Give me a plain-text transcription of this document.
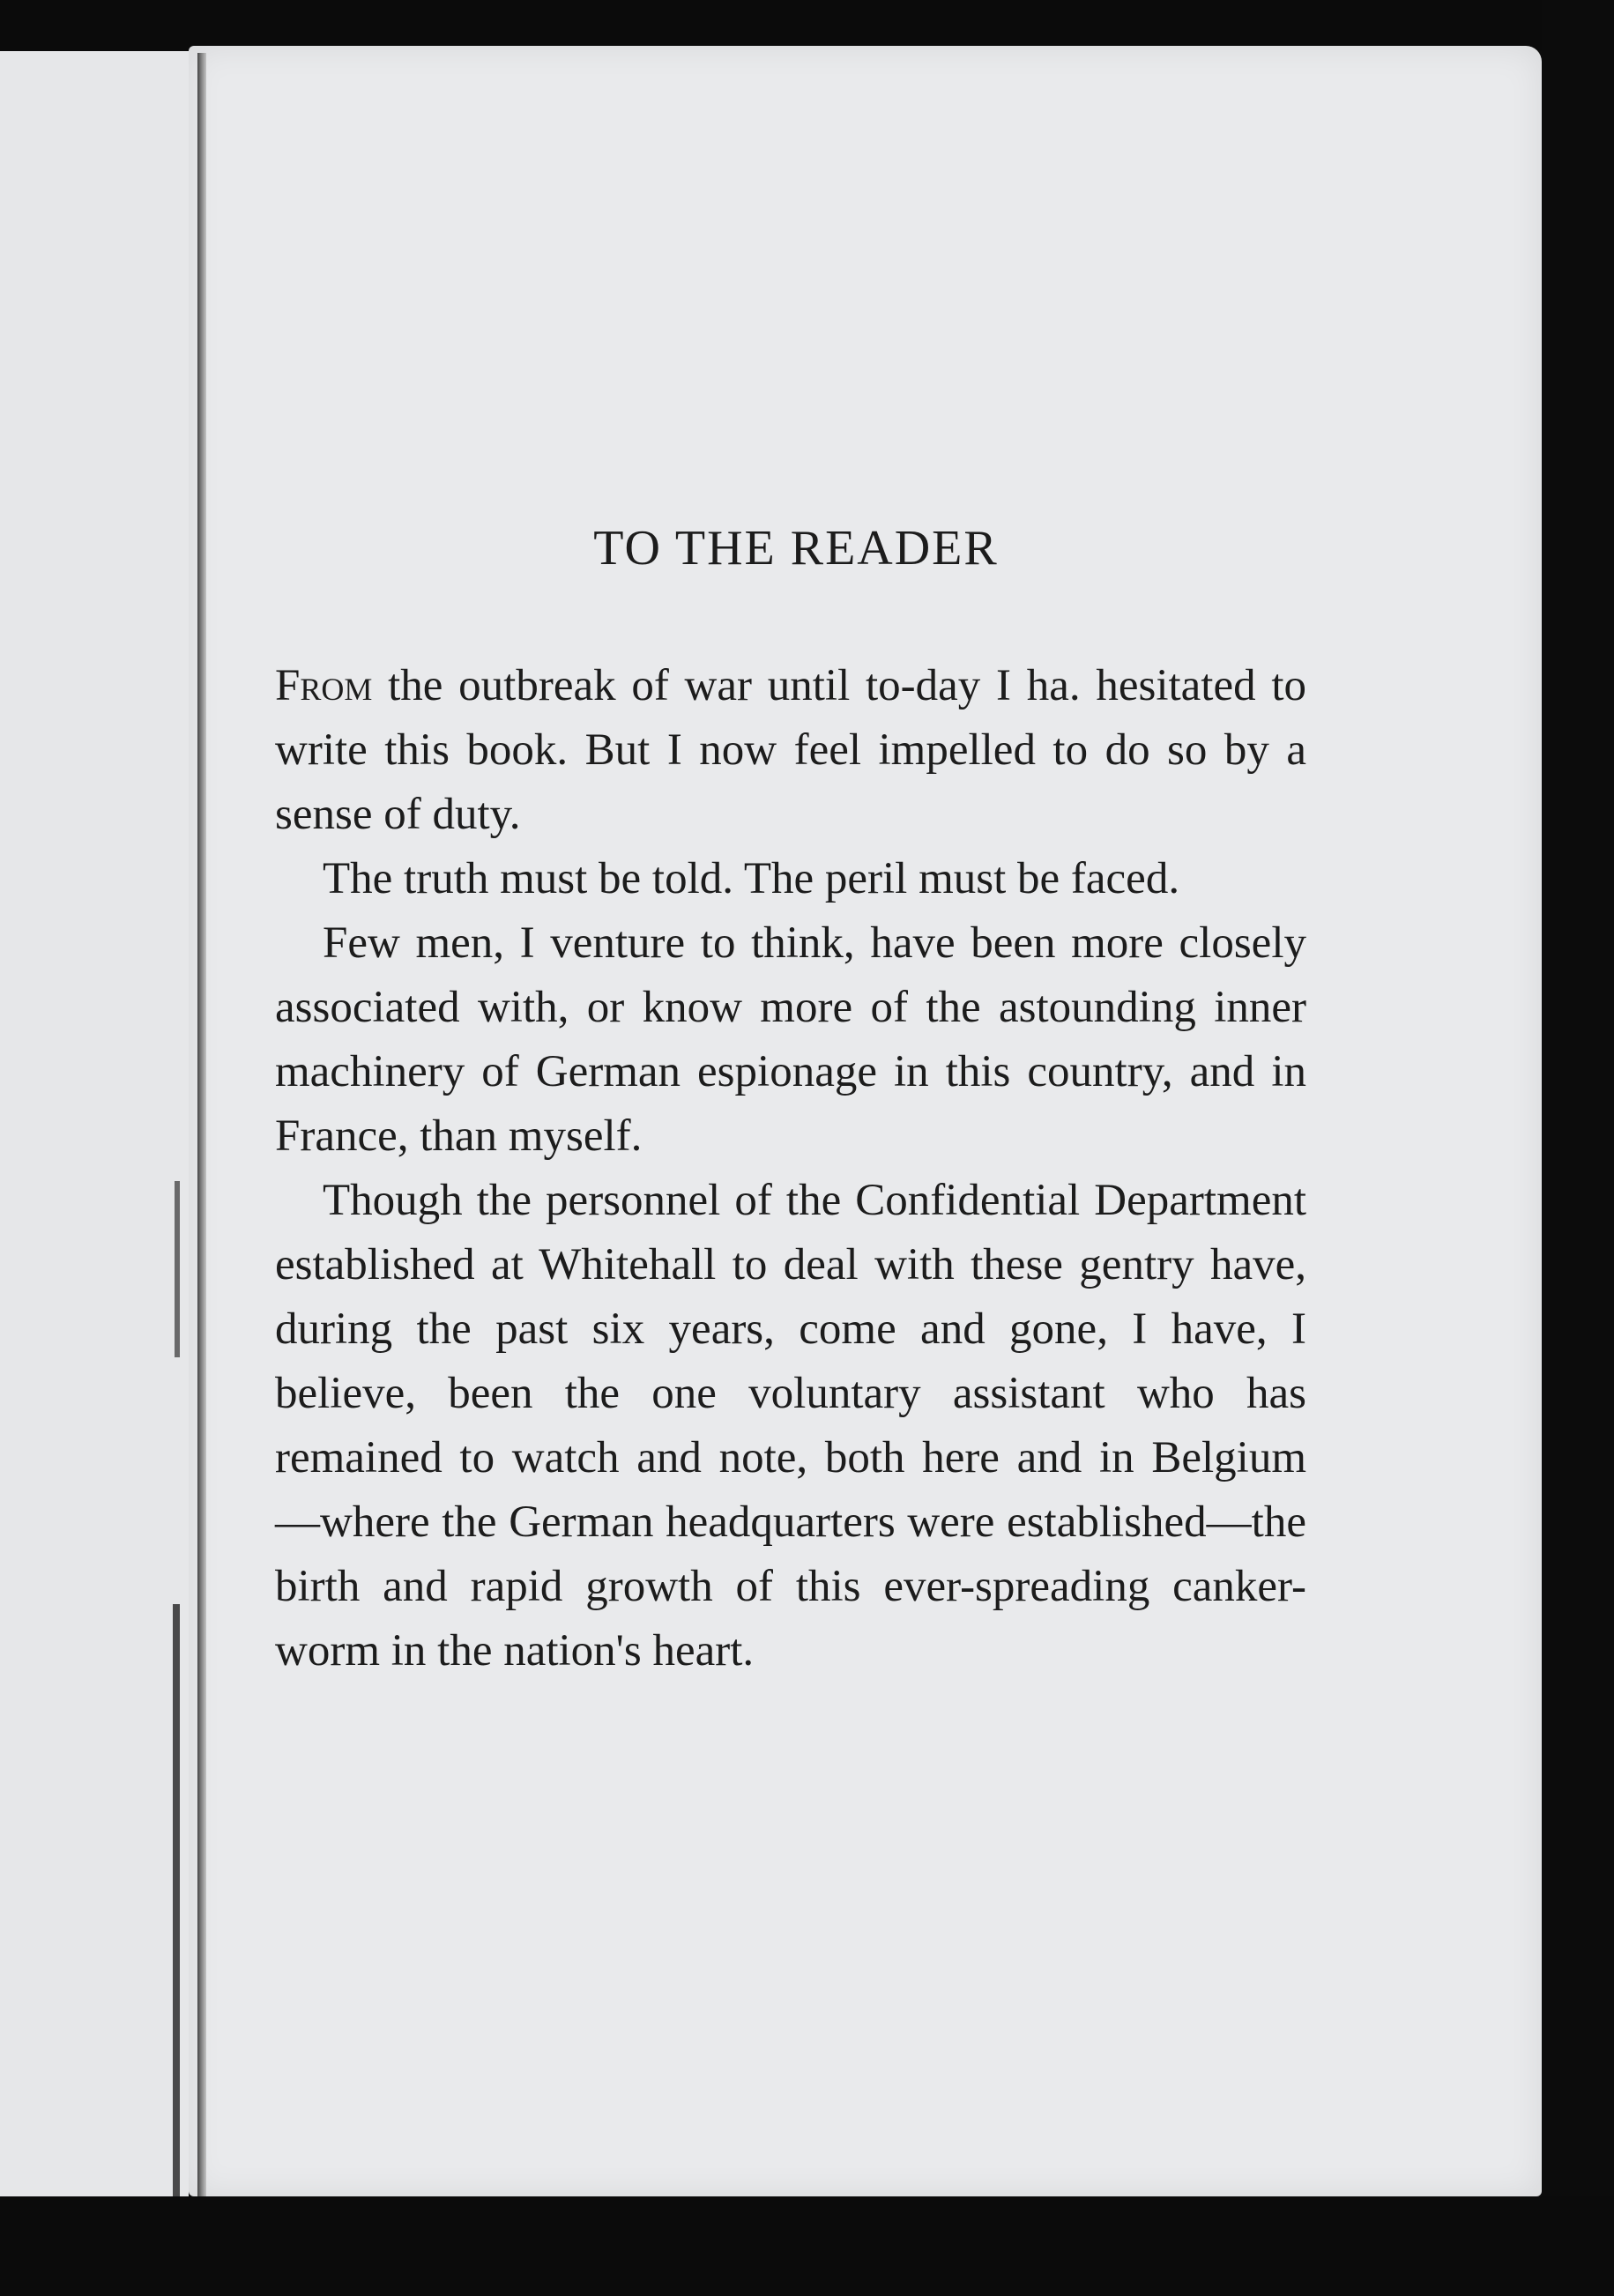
TO THE READER

From the outbreak of war until to-day I ha. hesitated to write this book. But I now feel impelled to do so by a sense of duty.

The truth must be told. The peril must be faced.

Few men, I venture to think, have been more closely associated with, or know more of the astounding inner machinery of German espionage in this country, and in France, than myself.

Though the personnel of the Confidential Department established at Whitehall to deal with these gentry have, during the past six years, come and gone, I have, I believe, been the one voluntary assistant who has remained to watch and note, both here and in Belgium —where the German headquarters were established—the birth and rapid growth of this ever-spreading canker-worm in the nation's heart.
